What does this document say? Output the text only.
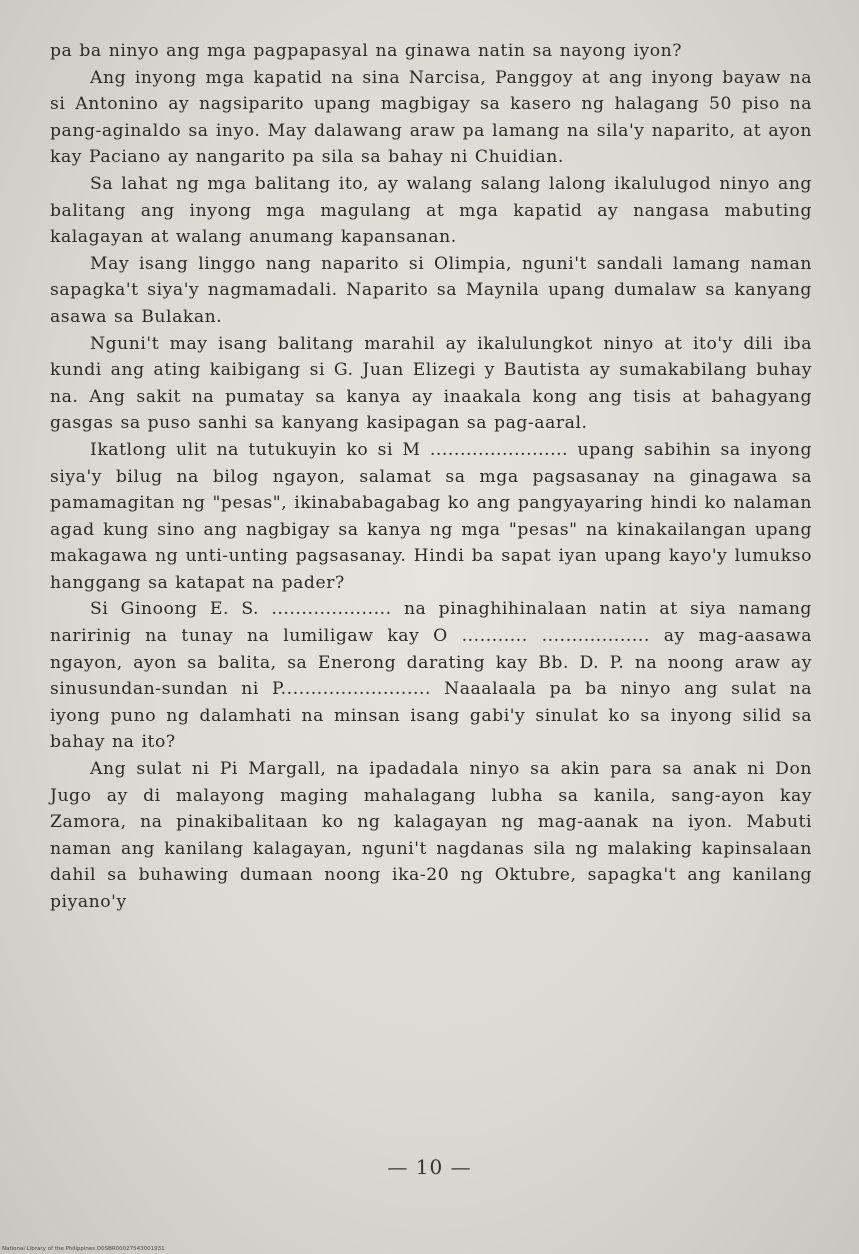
pa ba ninyo ang mga pagpapasyal na ginawa natin sa nayong iyon?

Ang inyong mga kapatid na sina Narcisa, Panggoy at ang inyong bayaw na si Antonino ay nagsiparito upang magbigay sa kasero ng halagang 50 piso na pang-aginaldo sa inyo. May dalawang araw pa lamang na sila'y naparito, at ayon kay Paciano ay nangarito pa sila sa bahay ni Chuidian.

Sa lahat ng mga balitang ito, ay walang salang lalong ikalulugod ninyo ang balitang ang inyong mga magulang at mga kapatid ay nangasa mabuting kalagayan at walang anumang kapansanan.

May isang linggo nang naparito si Olimpia, nguni't sandali lamang naman sapagka't siya'y nagmamadali. Naparito sa Maynila upang dumalaw sa kanyang asawa sa Bulakan.

Nguni't may isang balitang marahil ay ikalulungkot ninyo at ito'y dili iba kundi ang ating kaibigang si G. Juan Elizegi y Bautista ay sumakabilang buhay na. Ang sakit na pumatay sa kanya ay inaakala kong ang tisis at bahagyang gasgas sa puso sanhi sa kanyang kasipagan sa pag-aaral.

Ikatlong ulit na tutukuyin ko si M ....................... upang sabihin sa inyong siya'y bilug na bilog ngayon, salamat sa mga pagsasanay na ginagawa sa pamamagitan ng "pesas", ikinababagabag ko ang pangyayaring hindi ko nalaman agad kung sino ang nagbigay sa kanya ng mga "pesas" na kinakailangan upang makagawa ng unti-unting pagsasanay. Hindi ba sapat iyan upang kayo'y lumukso hanggang sa katapat na pader?

Si Ginoong E. S. .................... na pinaghihinalaan natin at siya namang naririnig na tunay na lumiligaw kay O ........... .................. ay mag-aasawa ngayon, ayon sa balita, sa Enerong darating kay Bb. D. P. na noong araw ay sinusundan-sundan ni P......................... Naaalaala pa ba ninyo ang sulat na iyong puno ng dalamhati na minsan isang gabi'y sinulat ko sa inyong silid sa bahay na ito?

Ang sulat ni Pi Margall, na ipadadala ninyo sa akin para sa anak ni Don Jugo ay di malayong maging mahalagang lubha sa kanila, sang-ayon kay Zamora, na pinakibalitaan ko ng kalagayan ng mag-aanak na iyon. Mabuti naman ang kanilang kalagayan, nguni't nagdanas sila ng malaking kapinsalaan dahil sa buhawing dumaan noong ika-20 ng Oktubre, sapagka't ang kanilang piyano'y

— 10 —
National Library of the Philippines D0SBR00027543001931
